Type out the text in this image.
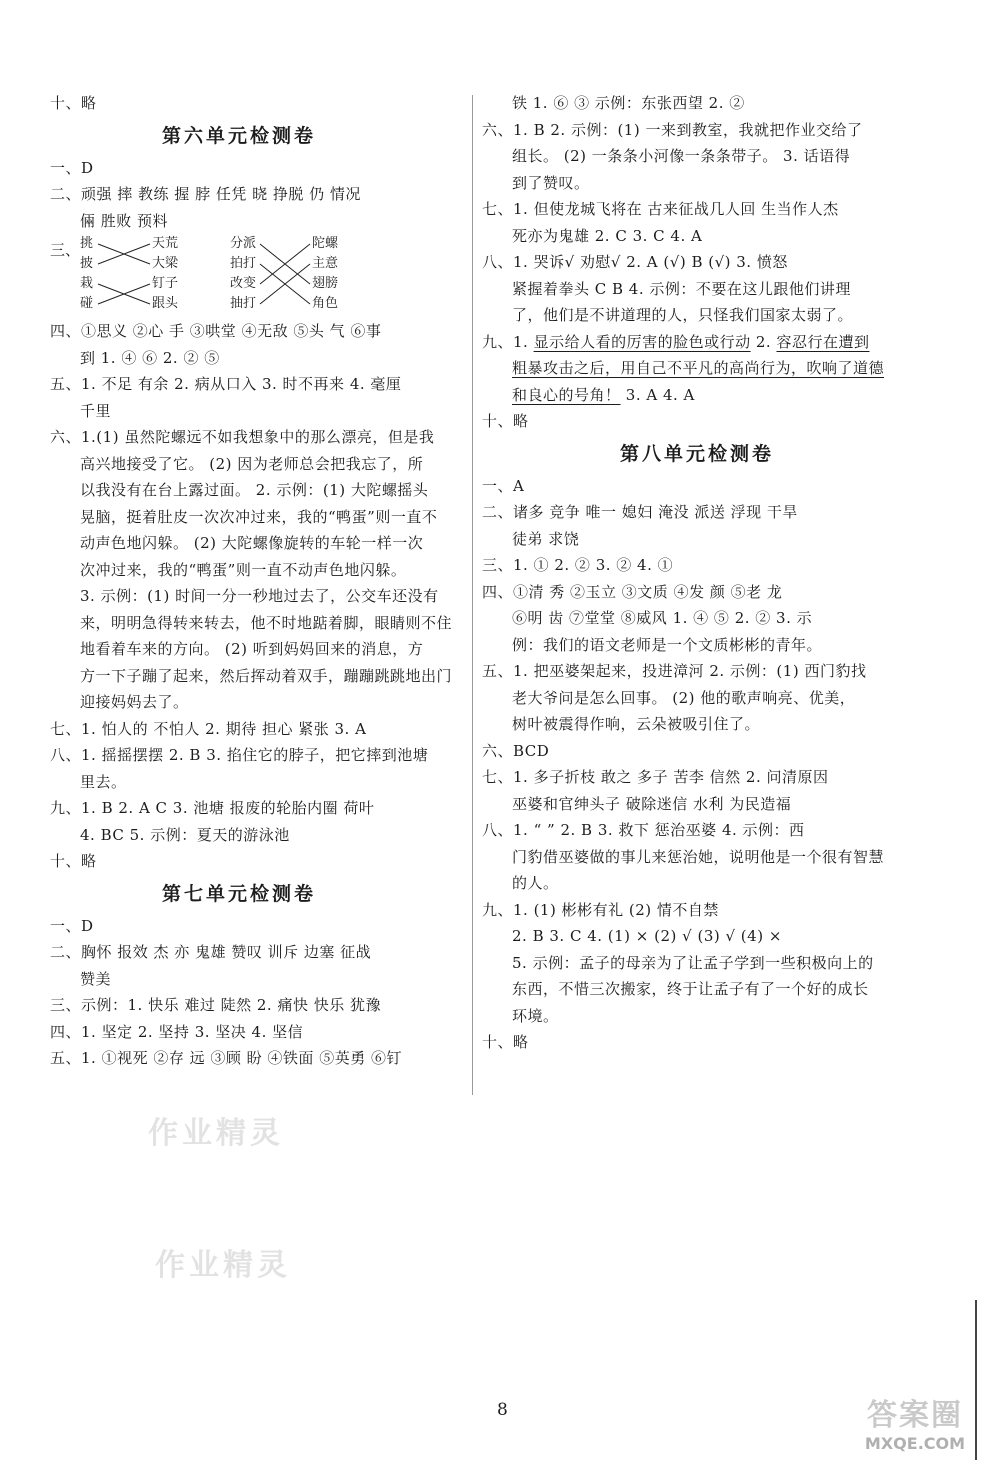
十、略
第六单元检测卷
一、D
二、顽强 摔 教练 握 脖 任凭 晓 挣脱 仍 情况
倆 胜败 预料
三、 挑
披
栽
碰
天荒
大梁
钉子
跟头
分派
拍打
改变
抽打
陀螺
主意
翅膀
角色
四、①思义 ②心 手 ③哄堂 ④无敌 ⑤头 气 ⑥事
到 1. ④ ⑥ 2. ② ⑤
五、1. 不足 有余 2. 病从口入 3. 时不再来 4. 毫厘
千里
六、1.(1) 虽然陀螺远不如我想象中的那么漂亮，但是我
高兴地接受了它。 (2) 因为老师总会把我忘了，所
以我没有在台上露过面。 2. 示例：(1) 大陀螺摇头
晃脑，挺着肚皮一次次冲过来，我的“鸭蛋”则一直不
动声色地闪躲。 (2) 大陀螺像旋转的车轮一样一次
次冲过来，我的“鸭蛋”则一直不动声色地闪躲。
3. 示例：(1) 时间一分一秒地过去了，公交车还没有
来，明明急得转来转去，他不时地踮着脚，眼睛则不住
地看着车来的方向。 (2) 听到妈妈回来的消息，方
方一下子蹦了起来，然后挥动着双手，蹦蹦跳跳地出门
迎接妈妈去了。
七、1. 怕人的 不怕人 2. 期待 担心 紧张 3. A
八、1. 摇摇摆摆 2. B 3. 掐住它的脖子，把它摔到池塘
里去。
九、1. B 2. A C 3. 池塘 报废的轮胎内圈 荷叶
4. BC 5. 示例：夏天的游泳池
十、略
第七单元检测卷
一、D
二、胸怀 报效 杰 亦 鬼雄 赞叹 训斥 边塞 征战
赞美
三、示例：1. 快乐 难过 陡然 2. 痛快 快乐 犹豫
四、1. 坚定 2. 坚持 3. 坚决 4. 坚信
五、1. ①视死 ②存 远 ③顾 盼 ④铁面 ⑤英勇 ⑥钉
铁 1. ⑥ ③ 示例：东张西望 2. ②
六、1. B 2. 示例：(1) 一来到教室，我就把作业交给了
组长。 (2) 一条条小河像一条条带子。 3. 话语得
到了赞叹。
七、1. 但使龙城飞将在 古来征战几人回 生当作人杰
死亦为鬼雄 2. C 3. C 4. A
八、1. 哭诉√ 劝慰√ 2. A (√) B (√) 3. 愤怒
紧握着拳头 C B 4. 示例：不要在这儿跟他们讲理
了，他们是不讲道理的人，只怪我们国家太弱了。
九、1. 显示给人看的厉害的脸色或行动 2. 容忍行在遭到
粗暴攻击之后，用自己不平凡的高尚行为，吹响了道德
和良心的号角！ 3. A 4. A
十、略
第八单元检测卷
一、A
二、诸多 竞争 唯一 媳妇 淹没 派送 浮现 干旱
徒弟 求饶
三、1. ① 2. ② 3. ② 4. ①
四、①清 秀 ②玉立 ③文质 ④发 颜 ⑤老 龙
⑥明 齿 ⑦堂堂 ⑧威风 1. ④ ⑤ 2. ② 3. 示
例：我们的语文老师是一个文质彬彬的青年。
五、1. 把巫婆架起来，投进漳河 2. 示例：(1) 西门豹找
老大爷问是怎么回事。 (2) 他的歌声响亮、优美，
树叶被震得作响，云朵被吸引住了。
六、BCD
七、1. 多子折枝 敢之 多子 苦李 信然 2. 问清原因
巫婆和官绅头子 破除迷信 水利 为民造福
八、1. “ ” 2. B 3. 救下 惩治巫婆 4. 示例：西
门豹借巫婆做的事儿来惩治她，说明他是一个很有智慧
的人。
九、1. (1) 彬彬有礼 (2) 情不自禁
2. B 3. C 4. (1) × (2) √ (3) √ (4) ×
5. 示例：孟子的母亲为了让孟子学到一些积极向上的
东西，不惜三次搬家，终于让孟子有了一个好的成长
环境。
十、略
作业精灵
作业精灵
8	答案圈
MXQE.COM
